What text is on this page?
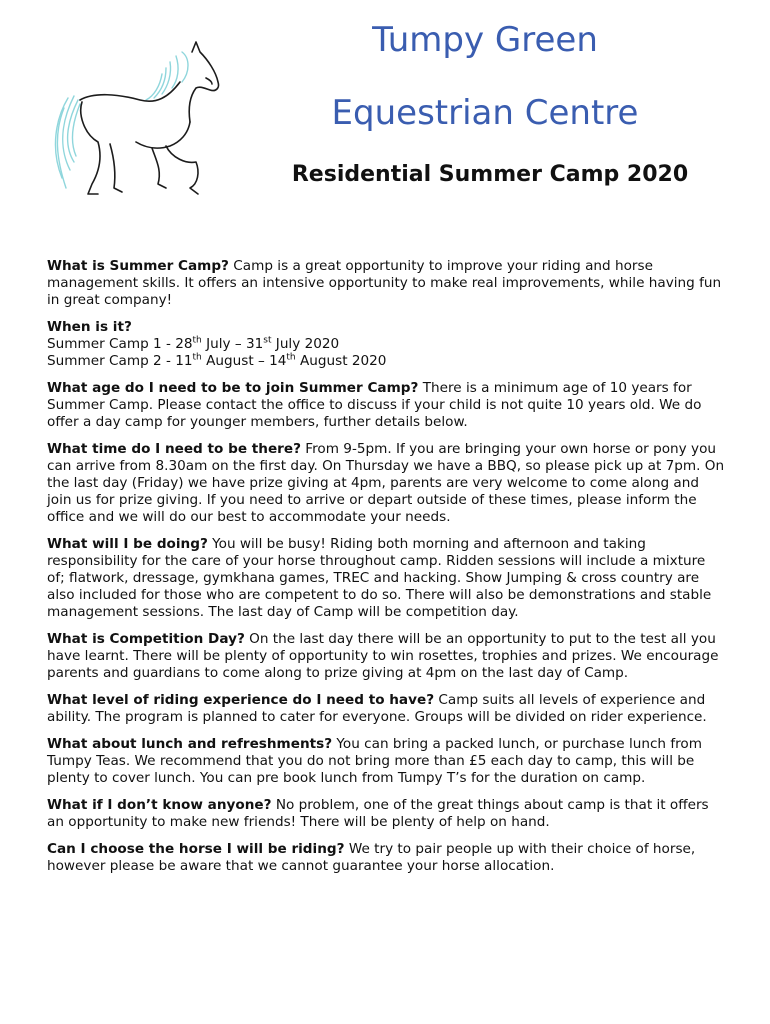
Tumpy Green
Equestrian Centre
Residential Summer Camp 2020

What is Summer Camp? Camp is a great opportunity to improve your riding and horse management skills. It offers an intensive opportunity to make real improvements, while having fun in great company!

When is it?
Summer Camp 1 - 28th July – 31st July 2020
Summer Camp 2 - 11th August – 14th August 2020

What age do I need to be to join Summer Camp? There is a minimum age of 10 years for Summer Camp. Please contact the office to discuss if your child is not quite 10 years old. We do offer a day camp for younger members, further details below.

What time do I need to be there? From 9-5pm. If you are bringing your own horse or pony you can arrive from 8.30am on the first day. On Thursday we have a BBQ, so please pick up at 7pm. On the last day (Friday) we have prize giving at 4pm, parents are very welcome to come along and join us for prize giving. If you need to arrive or depart outside of these times, please inform the office and we will do our best to accommodate your needs.

What will I be doing? You will be busy! Riding both morning and afternoon and taking responsibility for the care of your horse throughout camp. Ridden sessions will include a mixture of; flatwork, dressage, gymkhana games, TREC and hacking. Show Jumping & cross country are also included for those who are competent to do so. There will also be demonstrations and stable management sessions. The last day of Camp will be competition day.

What is Competition Day? On the last day there will be an opportunity to put to the test all you have learnt. There will be plenty of opportunity to win rosettes, trophies and prizes. We encourage parents and guardians to come along to prize giving at 4pm on the last day of Camp.

What level of riding experience do I need to have? Camp suits all levels of experience and ability. The program is planned to cater for everyone. Groups will be divided on rider experience.

What about lunch and refreshments? You can bring a packed lunch, or purchase lunch from Tumpy Teas. We recommend that you do not bring more than £5 each day to camp, this will be plenty to cover lunch. You can pre book lunch from Tumpy T’s for the duration on camp.

What if I don’t know anyone? No problem, one of the great things about camp is that it offers an opportunity to make new friends! There will be plenty of help on hand.

Can I choose the horse I will be riding? We try to pair people up with their choice of horse, however please be aware that we cannot guarantee your horse allocation.
